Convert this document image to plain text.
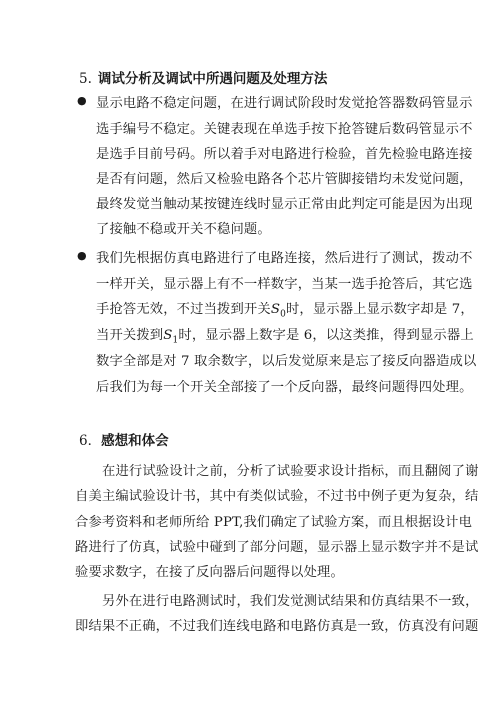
5. 调试分析及调试中所遇问题及处理方法
● 显示电路不稳定问题，在进行调试阶段时发觉抢答器数码管显示
选手编号不稳定。关键表现在单选手按下抢答键后数码管显示不
是选手目前号码。所以着手对电路进行检验，首先检验电路连接
是否有问题，然后又检验电路各个芯片管脚接错均未发觉问题，
最终发觉当触动某按键连线时显示正常由此判定可能是因为出现
了接触不稳或开关不稳问题。
● 我们先根据仿真电路进行了电路连接，然后进行了测试，拨动不
一样开关，显示器上有不一样数字，当某一选手抢答后，其它选
手抢答无效，不过当拨到开关$S_0$时，显示器上显示数字却是 7，
当开关拨到$S_1$时，显示器上数字是 6，以这类推，得到显示器上
数字全部是对 7 取余数字，以后发觉原来是忘了接反向器造成以
后我们为每一个开关全部接了一个反向器，最终问题得四处理。
6．感想和体会
在进行试验设计之前，分析了试验要求设计指标，而且翻阅了谢
自美主编试验设计书，其中有类似试验，不过书中例子更为复杂，结
合参考资料和老师所给 PPT,我们确定了试验方案，而且根据设计电
路进行了仿真，试验中碰到了部分问题，显示器上显示数字并不是试
验要求数字，在接了反向器后问题得以处理。
另外在进行电路测试时，我们发觉测试结果和仿真结果不一致，
即结果不正确，不过我们连线电路和电路仿真是一致，仿真没有问题
